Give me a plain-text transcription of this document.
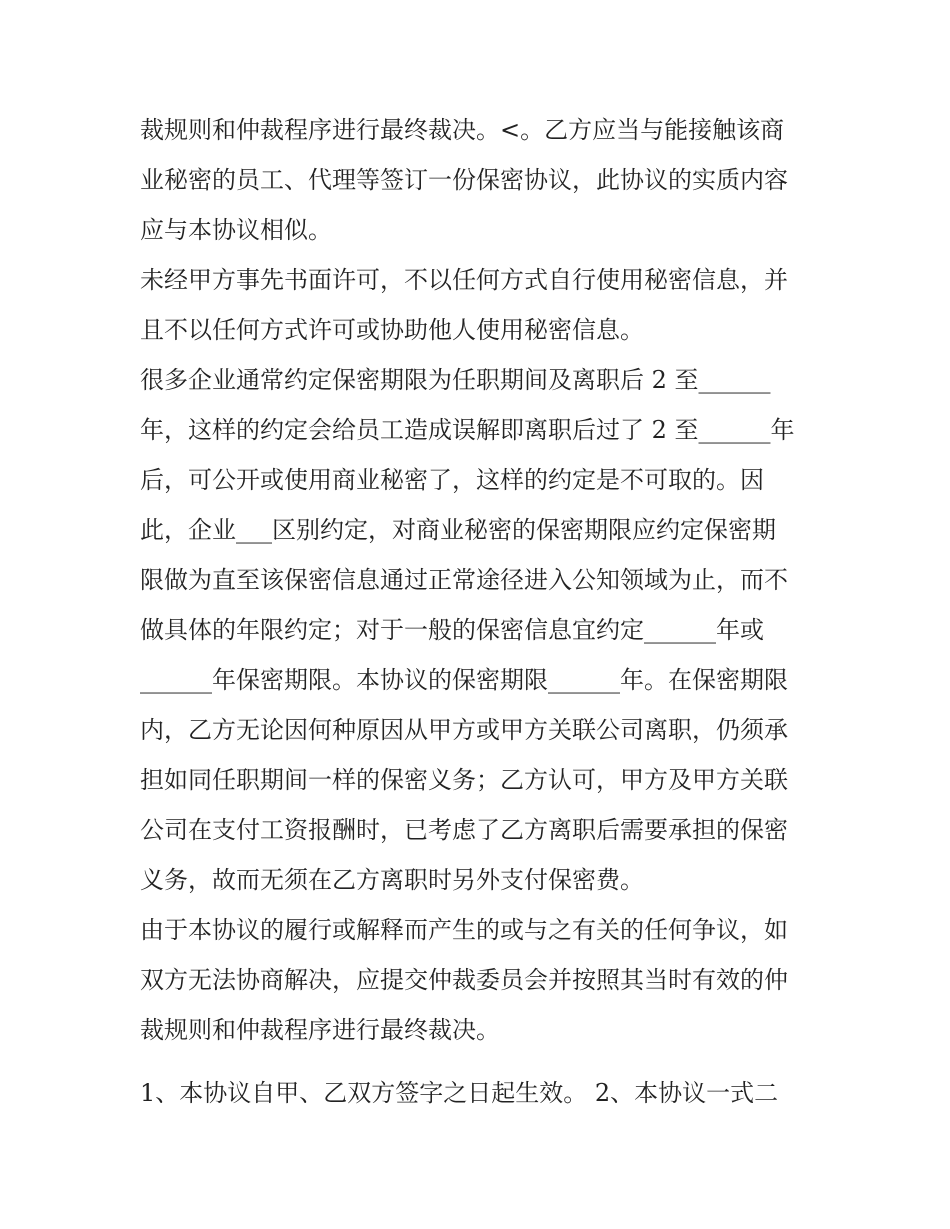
裁规则和仲裁程序进行最终裁决。<。乙方应当与能接触该商
业秘密的员工、代理等签订一份保密协议，此协议的实质内容
应与本协议相似。
未经甲方事先书面许可，不以任何方式自行使用秘密信息，并
且不以任何方式许可或协助他人使用秘密信息。
很多企业通常约定保密期限为任职期间及离职后 2 至______
年，这样的约定会给员工造成误解即离职后过了 2 至______年
后，可公开或使用商业秘密了，这样的约定是不可取的。因
此，企业___区别约定，对商业秘密的保密期限应约定保密期
限做为直至该保密信息通过正常途径进入公知领域为止，而不
做具体的年限约定；对于一般的保密信息宜约定______年或
______年保密期限。本协议的保密期限______年。在保密期限
内，乙方无论因何种原因从甲方或甲方关联公司离职，仍须承
担如同任职期间一样的保密义务；乙方认可，甲方及甲方关联
公司在支付工资报酬时，已考虑了乙方离职后需要承担的保密
义务，故而无须在乙方离职时另外支付保密费。
由于本协议的履行或解释而产生的或与之有关的任何争议，如
双方无法协商解决，应提交仲裁委员会并按照其当时有效的仲
裁规则和仲裁程序进行最终裁决。
1、本协议自甲、乙双方签字之日起生效。 2、本协议一式二
